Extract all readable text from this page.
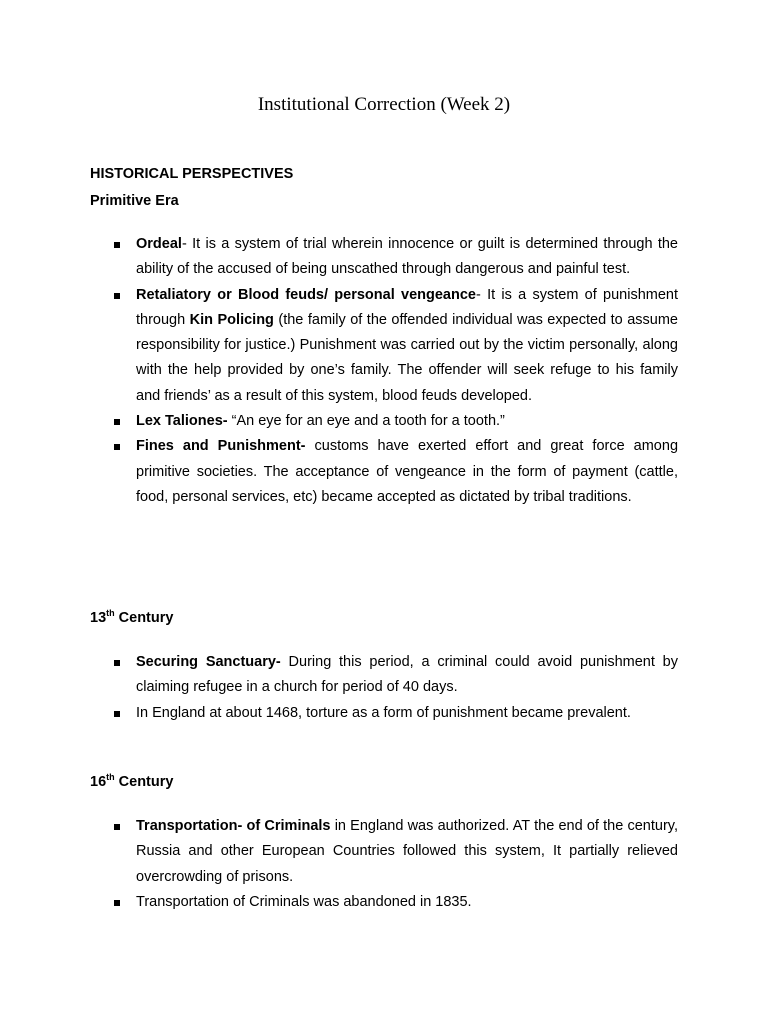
Institutional Correction (Week 2)
HISTORICAL PERSPECTIVES
Primitive Era
Ordeal- It is a system of trial wherein innocence or guilt is determined through the ability of the accused of being unscathed through dangerous and painful test.
Retaliatory or Blood feuds/ personal vengeance- It is a system of punishment through Kin Policing (the family of the offended individual was expected to assume responsibility for justice.) Punishment was carried out by the victim personally, along with the help provided by one’s family. The offender will seek refuge to his family and friends’ as a result of this system, blood feuds developed.
Lex Taliones- “An eye for an eye and a tooth for a tooth.”
Fines and Punishment- customs have exerted effort and great force among primitive societies. The acceptance of vengeance in the form of payment (cattle, food, personal services, etc) became accepted as dictated by tribal traditions.
13th Century
Securing Sanctuary- During this period, a criminal could avoid punishment by claiming refugee in a church for period of 40 days.
In England at about 1468, torture as a form of punishment became prevalent.
16th Century
Transportation- of Criminals in England was authorized. AT the end of the century, Russia and other European Countries followed this system, It partially relieved overcrowding of prisons.
Transportation of Criminals was abandoned in 1835.
